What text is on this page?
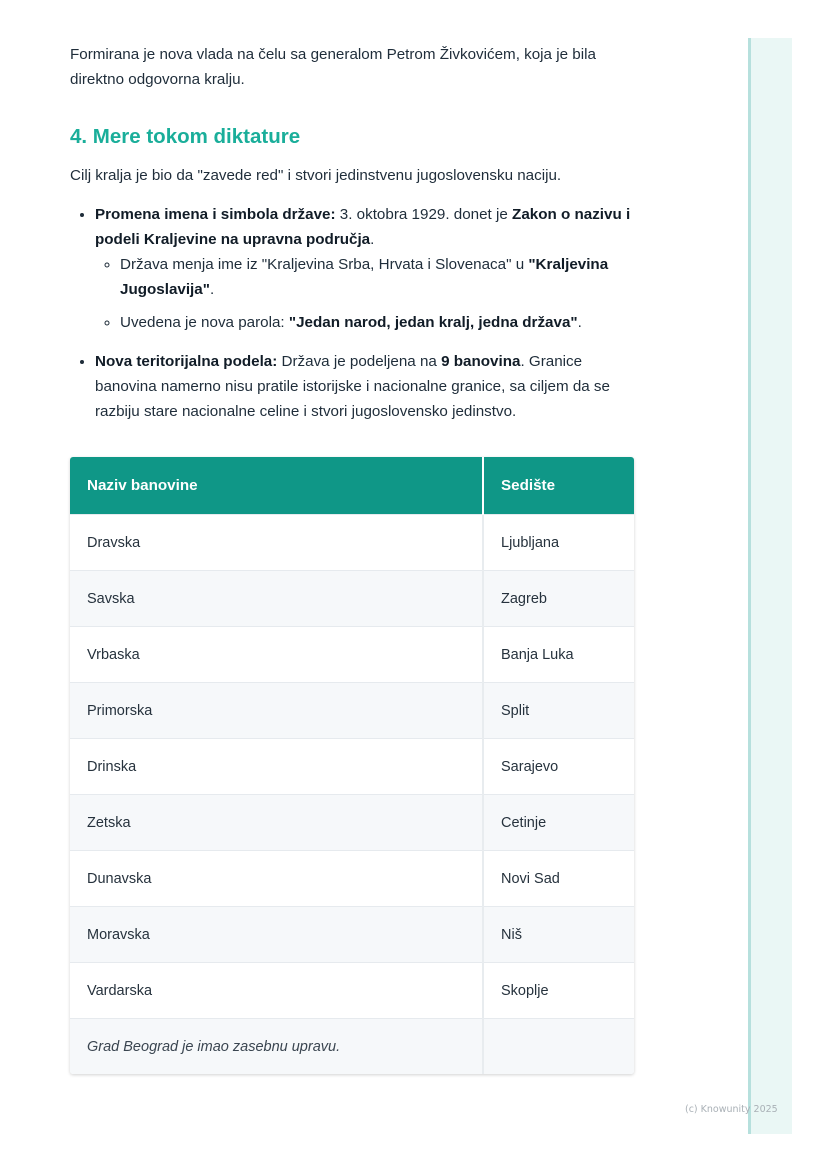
Formirana je nova vlada na čelu sa generalom Petrom Živkovićem, koja je bila direktno odgovorna kralju.

4. Mere tokom diktature

Cilj kralja je bio da "zavede red" i stvori jedinstvenu jugoslovensku naciju.

• Promena imena i simbola države: 3. oktobra 1929. donet je Zakon o nazivu i podeli Kraljevine na upravna područja.
◦ Država menja ime iz "Kraljevina Srba, Hrvata i Slovenaca" u "Kraljevina Jugoslavija".
◦ Uvedena je nova parola: "Jedan narod, jedan kralj, jedna država".
• Nova teritorijalna podela: Država je podeljena na 9 banovina. Granice banovina namerno nisu pratile istorijske i nacionalne granice, sa ciljem da se razbiju stare nacionalne celine i stvori jugoslovensko jedinstvo.
Naziv banovine	Sedište
Dravska	Ljubljana
Savska	Zagreb
Vrbaska	Banja Luka
Primorska	Split
Drinska	Sarajevo
Zetska	Cetinje
Dunavska	Novi Sad
Moravska	Niš
Vardarska	Skoplje
Grad Beograd je imao zasebnu upravu.	
(c) Knowunity 2025
